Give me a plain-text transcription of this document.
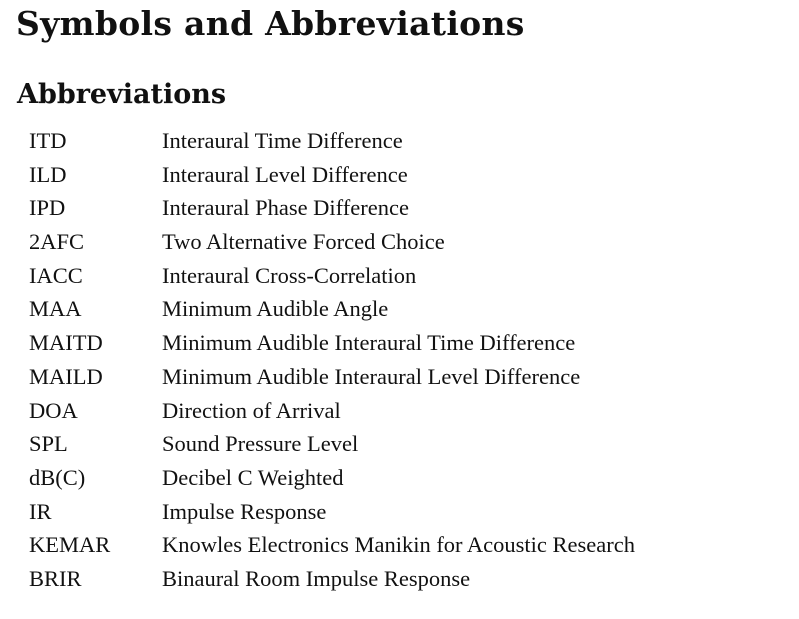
Symbols and Abbreviations
Abbreviations
ITD	Interaural Time Difference
ILD	Interaural Level Difference
IPD	Interaural Phase Difference
2AFC	Two Alternative Forced Choice
IACC	Interaural Cross-Correlation
MAA	Minimum Audible Angle
MAITD	Minimum Audible Interaural Time Difference
MAILD	Minimum Audible Interaural Level Difference
DOA	Direction of Arrival
SPL	Sound Pressure Level
dB(C)	Decibel C Weighted
IR	Impulse Response
KEMAR Knowles Electronics Manikin for Acoustic Research
BRIR	Binaural Room Impulse Response
